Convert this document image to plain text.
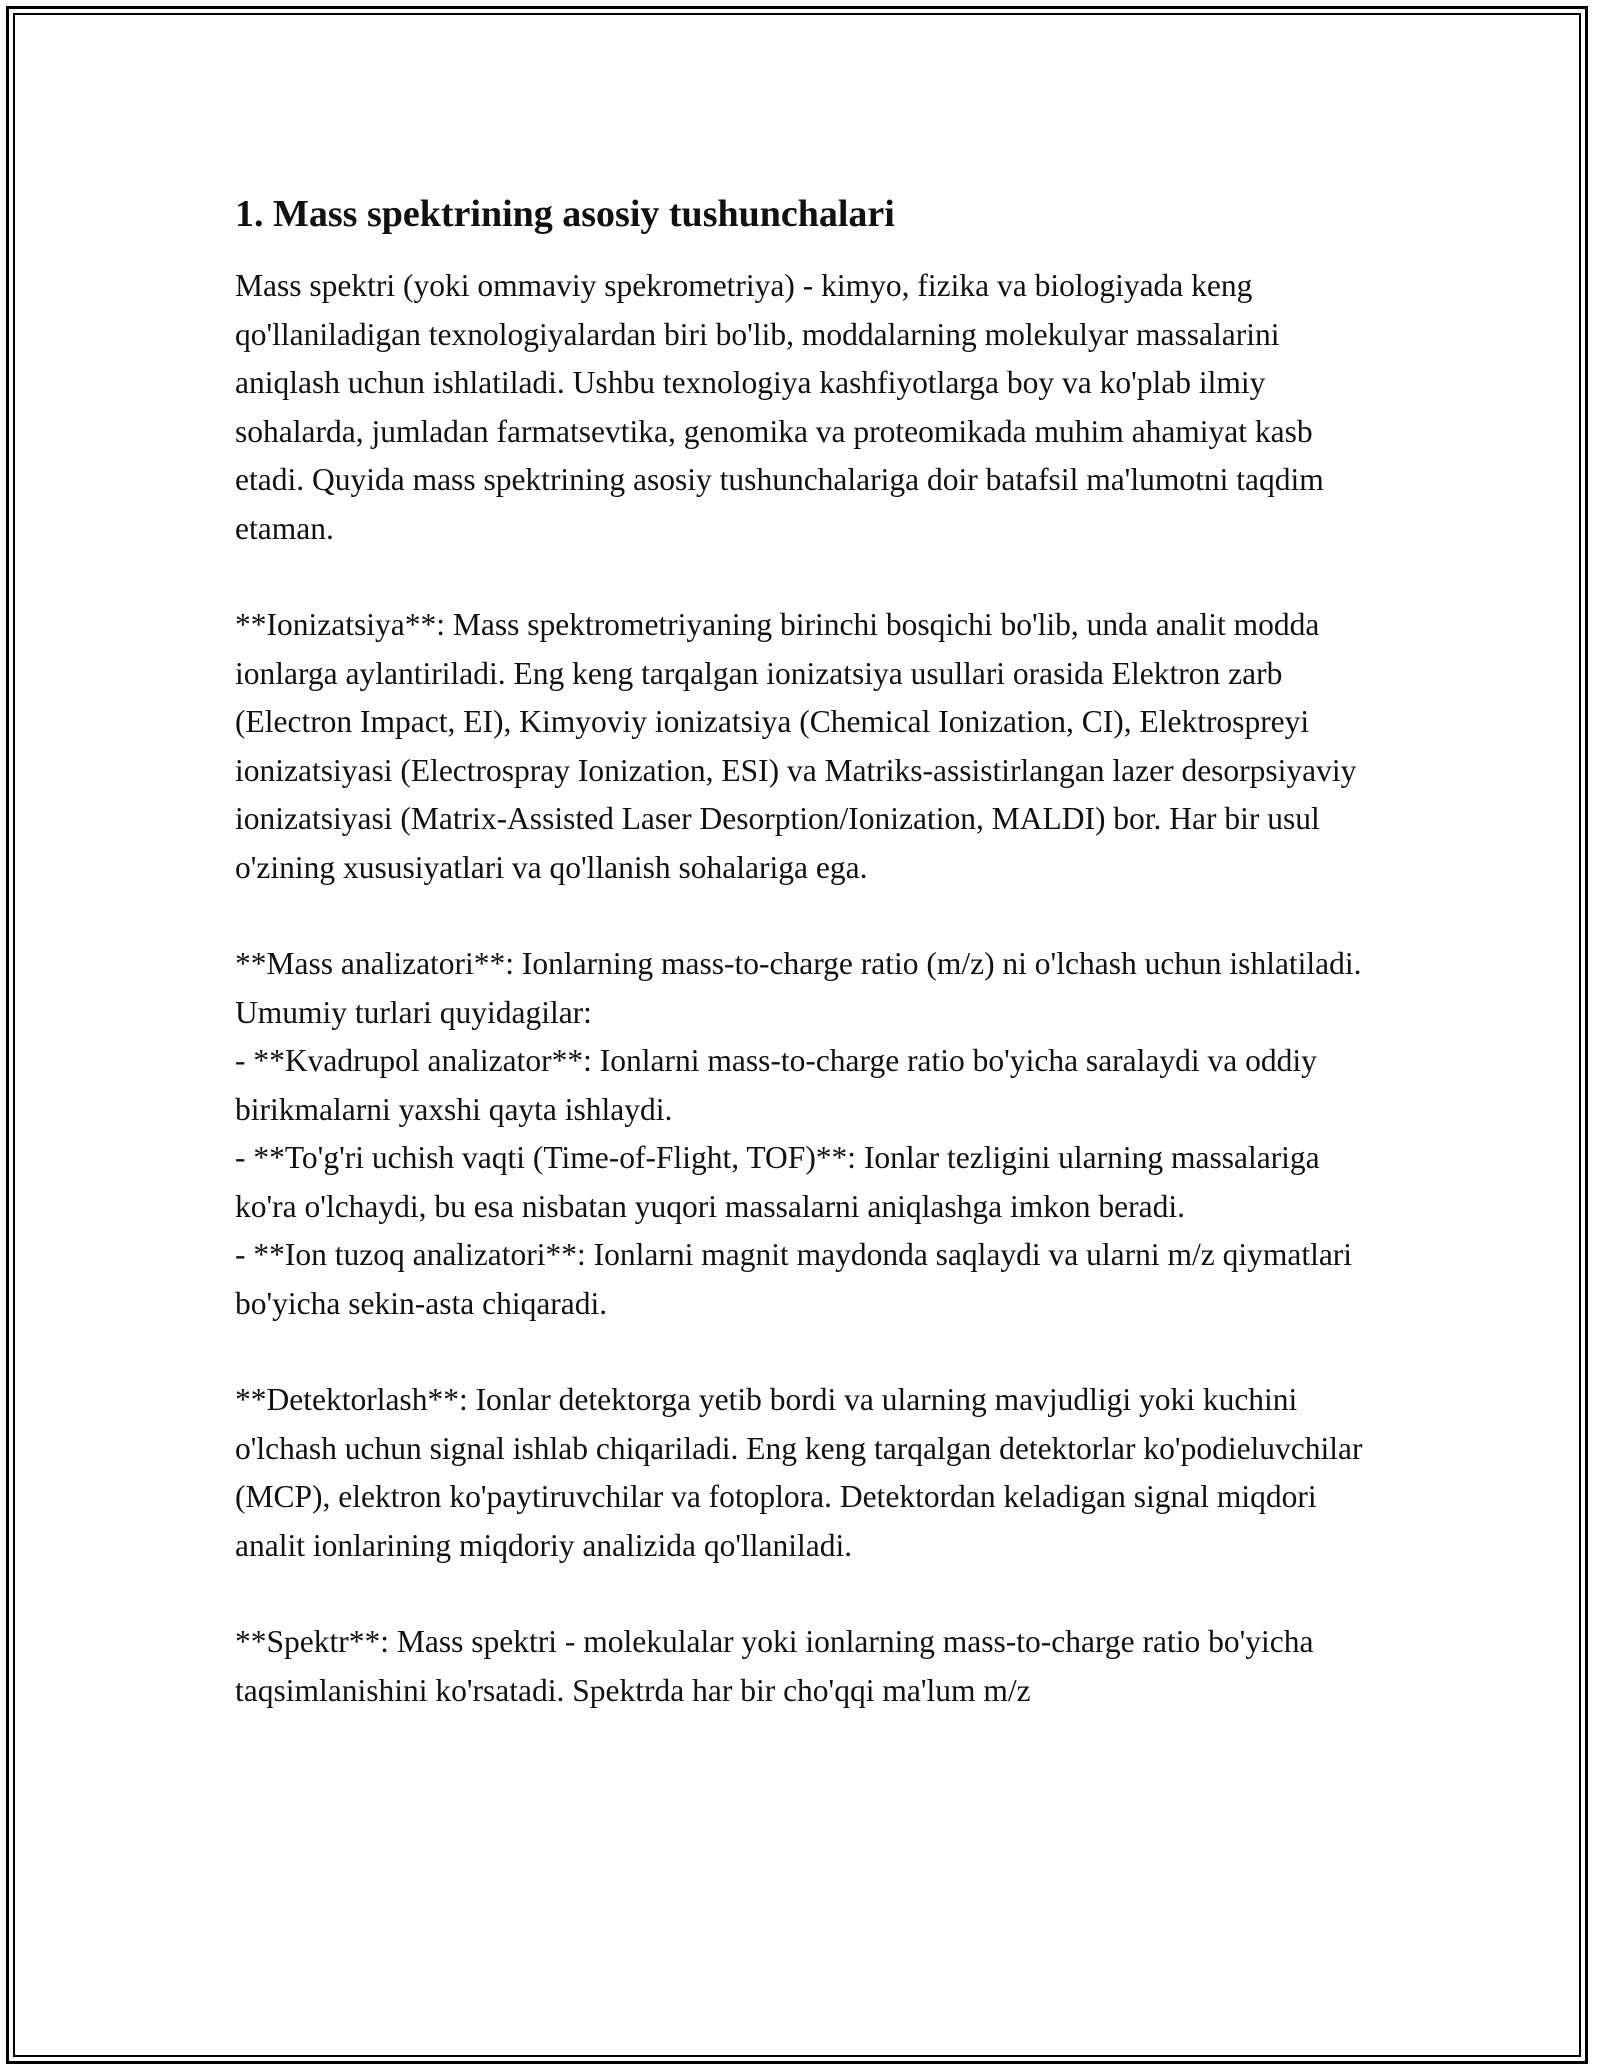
1. Mass spektrining asosiy tushunchalari

Mass spektri (yoki ommaviy spekrometriya) - kimyo, fizika va biologiyada keng qo'llaniladigan texnologiyalardan biri bo'lib, moddalarning molekulyar massalarini aniqlash uchun ishlatiladi. Ushbu texnologiya kashfiyotlarga boy va ko'plab ilmiy sohalarda, jumladan farmatsevtika, genomika va proteomikada muhim ahamiyat kasb etadi. Quyida mass spektrining asosiy tushunchalariga doir batafsil ma'lumotni taqdim etaman.

**Ionizatsiya**: Mass spektrometriyaning birinchi bosqichi bo'lib, unda analit modda ionlarga aylantiriladi. Eng keng tarqalgan ionizatsiya usullari orasida Elektron zarb (Electron Impact, EI), Kimyoviy ionizatsiya (Chemical Ionization, CI), Elektrospreyi ionizatsiyasi (Electrospray Ionization, ESI) va Matriks-assistirlangan lazer desorpsiyaviy ionizatsiyasi (Matrix-Assisted Laser Desorption/Ionization, MALDI) bor. Har bir usul o'zining xususiyatlari va qo'llanish sohalariga ega.

**Mass analizatori**: Ionlarning mass-to-charge ratio (m/z) ni o'lchash uchun ishlatiladi. Umumiy turlari quyidagilar:
- **Kvadrupol analizator**: Ionlarni mass-to-charge ratio bo'yicha saralaydi va oddiy birikmalarni yaxshi qayta ishlaydi.
- **To'g'ri uchish vaqti (Time-of-Flight, TOF)**: Ionlar tezligini ularning massalariga ko'ra o'lchaydi, bu esa nisbatan yuqori massalarni aniqlashga imkon beradi.
- **Ion tuzoq analizatori**: Ionlarni magnit maydonda saqlaydi va ularni m/z qiymatlari bo'yicha sekin-asta chiqaradi.

**Detektorlash**: Ionlar detektorga yetib bordi va ularning mavjudligi yoki kuchini o'lchash uchun signal ishlab chiqariladi. Eng keng tarqalgan detektorlar ko'podieluvchilar (MCP), elektron ko'paytiruvchilar va fotoplora. Detektordan keladigan signal miqdori analit ionlarining miqdoriy analizida qo'llaniladi.

**Spektr**: Mass spektri - molekulalar yoki ionlarning mass-to-charge ratio bo'yicha taqsimlanishini ko'rsatadi. Spektrda har bir cho'qqi ma'lum m/z
